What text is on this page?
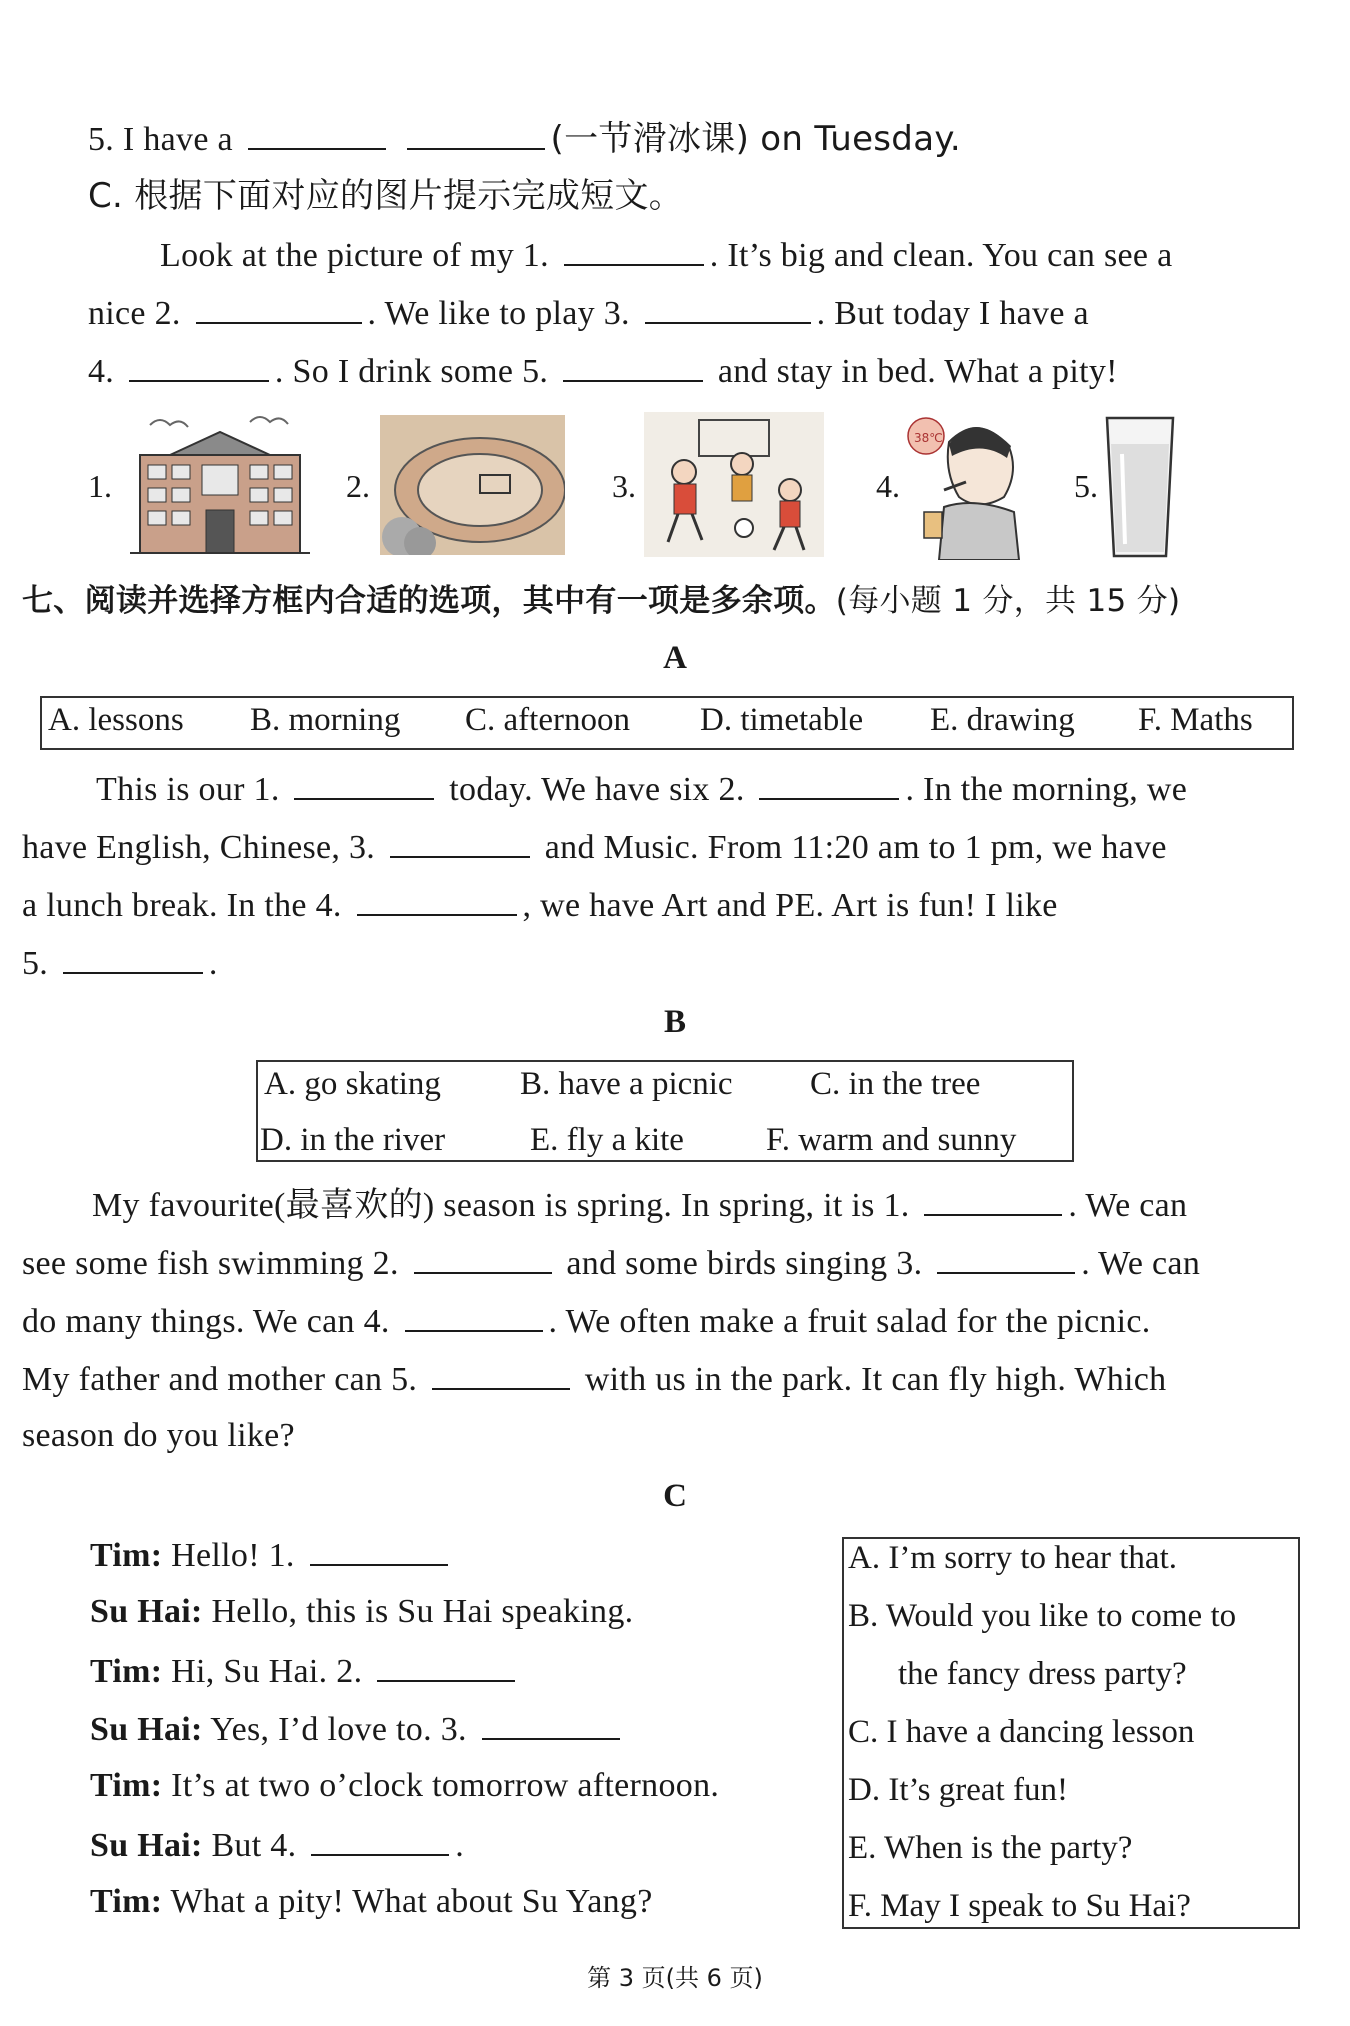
5. I have a	(一节滑冰课) on Tuesday.
C. 根据下面对应的图片提示完成短文。
Look at the picture of my 1.	. It’s big and clean. You can see a
nice 2.	. We like to play 3.	. But today I have a
4.	. So I drink some 5.	and stay in bed. What a pity!
1.	2.	3.	4.
38℃
5.
七、阅读并选择方框内合适的选项，其中有一项是多余项。(每小题 1 分，共 15 分)
A
A. lessons B. morning C. afternoon D. timetable E. drawing F. Maths
This is our 1.	today. We have six 2.	. In the morning, we
have English, Chinese, 3.	and Music. From 11:20 am to 1 pm, we have
a lunch break. In the 4.	, we have Art and PE. Art is fun! I like
5.	.
B
A. go skating B. have a picnic C. in the tree
D. in the river	E. fly a kite F. warm and sunny
My favourite(最喜欢的) season is spring. In spring, it is 1.	. We can
see some fish swimming 2.	and some birds singing 3.	. We can
do many things. We can 4.	. We often make a fruit salad for the picnic.
My father and mother can 5.	with us in the park. It can fly high. Which
season do you like?
C
Tim: Hello! 1.
Su Hai: Hello, this is Su Hai speaking.
Tim: Hi, Su Hai. 2.
Su Hai: Yes, I’d love to. 3.
Tim: It’s at two o’clock tomorrow afternoon.
Su Hai: But 4.	.
Tim: What a pity! What about Su Yang?
A. I’m sorry to hear that.
B. Would you like to come to
the fancy dress party?
C. I have a dancing lesson
D. It’s great fun!
E. When is the party?
F. May I speak to Su Hai?
第 3 页(共 6 页)
